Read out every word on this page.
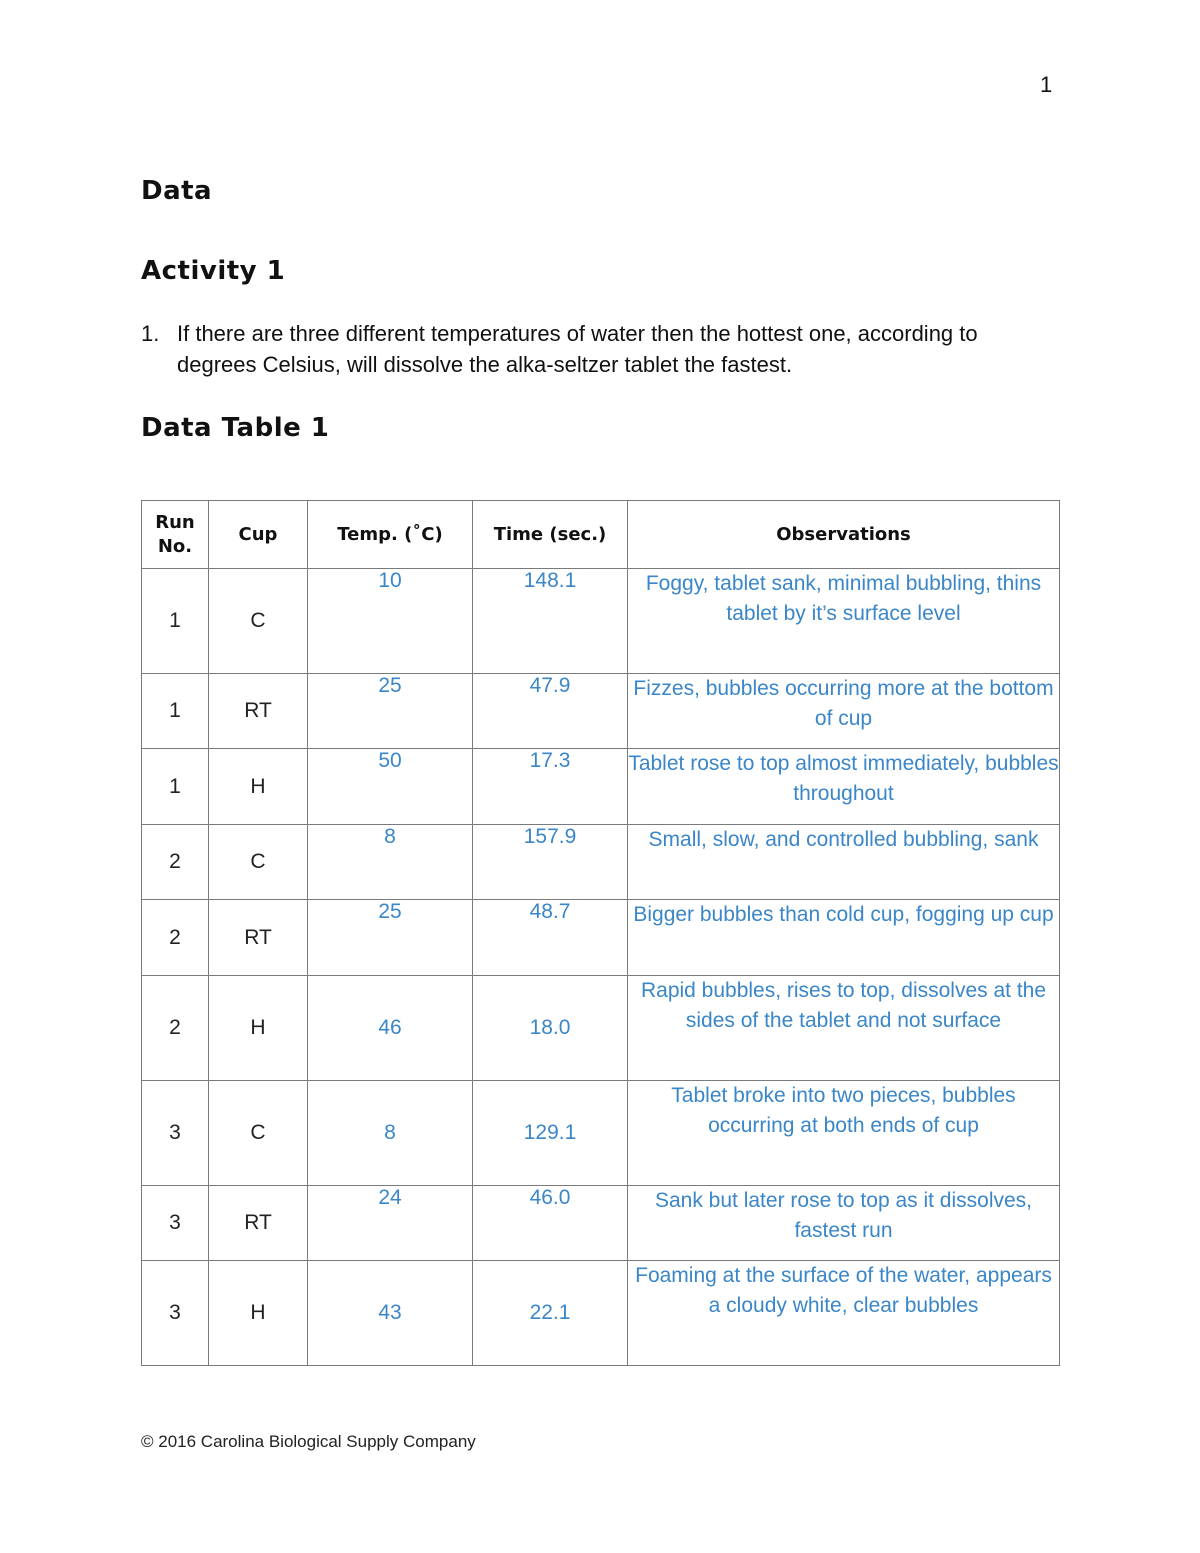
1
Data
Activity 1
1. If there are three different temperatures of water then the hottest one, according to degrees Celsius, will dissolve the alka-seltzer tablet the fastest.
Data Table 1
Run No.	Cup	Temp. (˚C)	Time (sec.)	Observations
1	C	10	148.1	Foggy, tablet sank, minimal bubbling, thins tablet by it’s surface level
1	RT	25	47.9	Fizzes, bubbles occurring more at the bottom of cup
1	H	50	17.3	Tablet rose to top almost immediately, bubbles throughout
2	C	8	157.9	Small, slow, and controlled bubbling, sank
2	RT	25	48.7	Bigger bubbles than cold cup, fogging up cup
2	H	46	18.0	Rapid bubbles, rises to top, dissolves at the sides of the tablet and not surface
3	C	8	129.1	Tablet broke into two pieces, bubbles occurring at both ends of cup
3	RT	24	46.0	Sank but later rose to top as it dissolves, fastest run
3	H	43	22.1	Foaming at the surface of the water, appears a cloudy white, clear bubbles
© 2016 Carolina Biological Supply Company
